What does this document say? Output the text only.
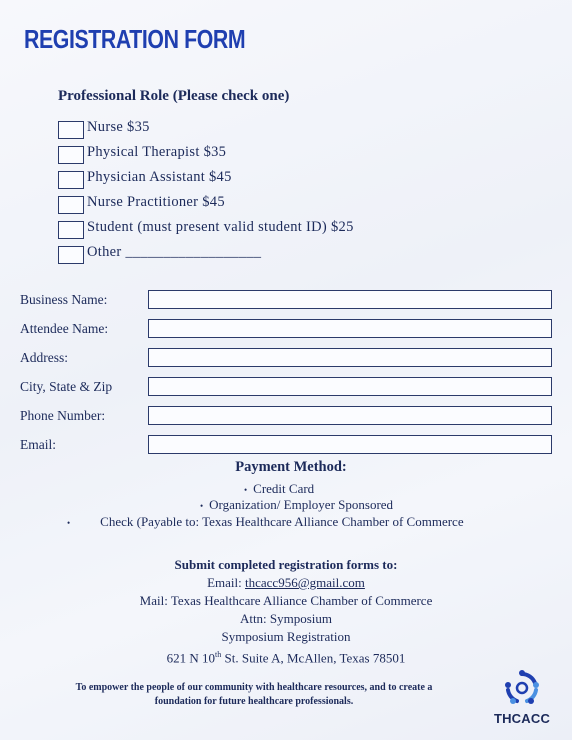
REGISTRATION FORM
Professional Role (Please check one)
Nurse $35
Physical Therapist $35
Physician Assistant $45
Nurse Practitioner $45
Student (must present valid student ID) $25
Other __________________
Business Name:
Attendee Name:
Address:
City, State & Zip
Phone Number:
Email:
Payment Method:
• Credit Card
• Organization/ Employer Sponsored
• Check (Payable to: Texas Healthcare Alliance Chamber of Commerce
Submit completed registration forms to:
Email: thcacc956@gmail.com
Mail: Texas Healthcare Alliance Chamber of Commerce
Attn: Symposium
Symposium Registration
621 N 10th St. Suite A, McAllen, Texas 78501
To empower the people of our community with healthcare resources, and to create a
foundation for future healthcare professionals.
THCACC
